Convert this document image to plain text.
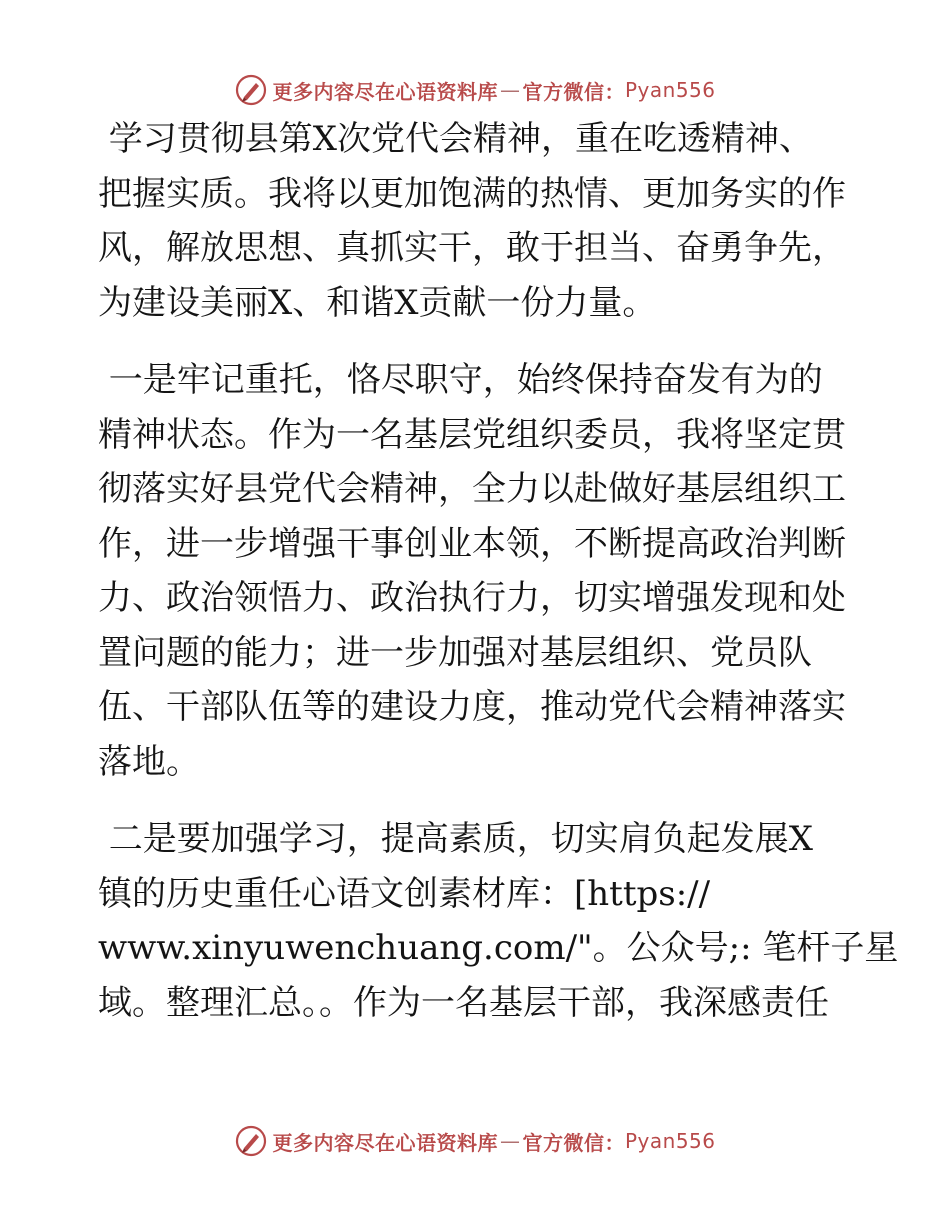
更多内容尽在心语资料库 — 官方微信： Pyan556

学习贯彻县第X次党代会精神，重在吃透精神、
把握实质。我将以更加饱满的热情、更加务实的作
风，解放思想、真抓实干，敢于担当、奋勇争先，
为建设美丽X、和谐X贡献一份力量。

一是牢记重托，恪尽职守，始终保持奋发有为的
精神状态。作为一名基层党组织委员，我将坚定贯
彻落实好县党代会精神，全力以赴做好基层组织工
作，进一步增强干事创业本领，不断提高政治判断
力、政治领悟力、政治执行力，切实增强发现和处
置问题的能力；进一步加强对基层组织、党员队
伍、干部队伍等的建设力度，推动党代会精神落实
落地。

二是要加强学习，提高素质，切实肩负起发展X
镇的历史重任心语文创素材库：[https://
www.xinyuwenchuang.com/"。公众号;: 笔杆子星
域。整理汇总。。作为一名基层干部，我深感责任

更多内容尽在心语资料库 — 官方微信： Pyan556
